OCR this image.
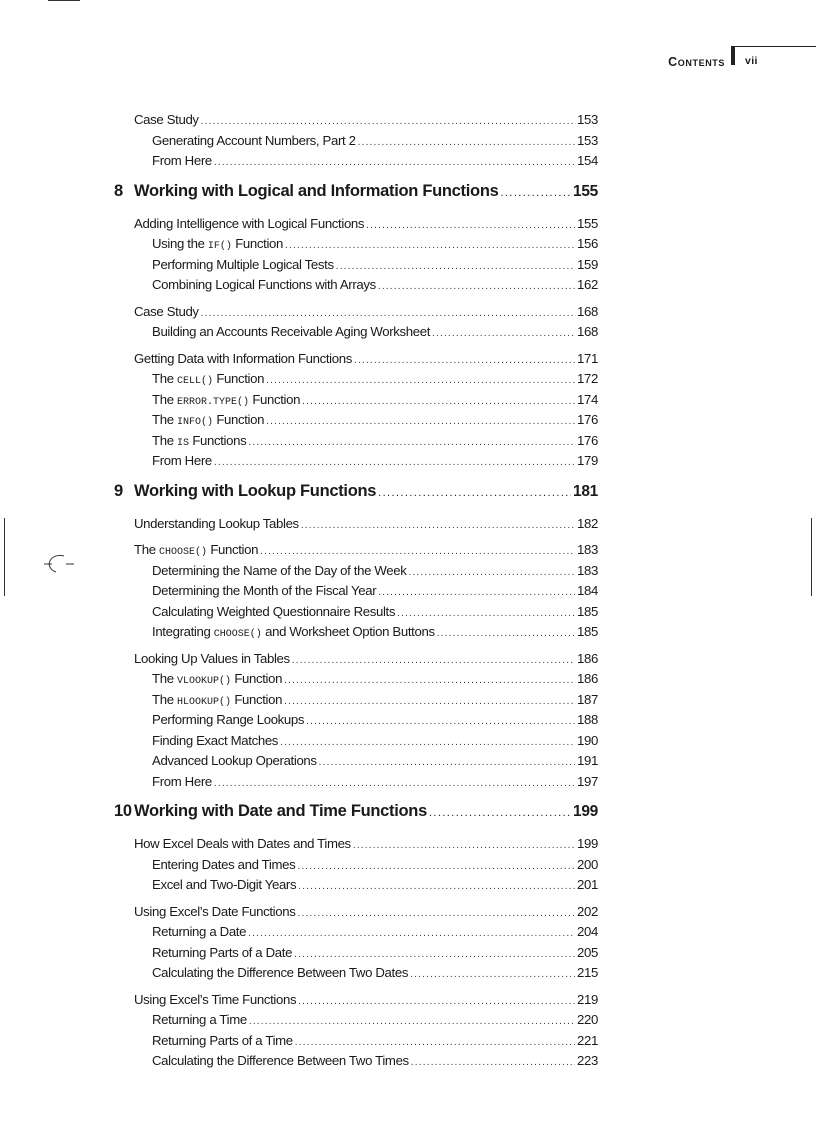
Contents vii
Case Study .....	153
Generating Account Numbers, Part 2 .....	153
From Here .....	154
8 Working with Logical and Information Functions .....	155
Adding Intelligence with Logical Functions .....	155
Using the IF() Function .....	156
Performing Multiple Logical Tests .....	159
Combining Logical Functions with Arrays .....	162
Case Study .....	168
Building an Accounts Receivable Aging Worksheet .....	168
Getting Data with Information Functions .....	171
The CELL() Function .....	172
The ERROR.TYPE() Function .....	174
The INFO() Function .....	176
The IS Functions .....	176
From Here .....	179
9 Working with Lookup Functions .....	181
Understanding Lookup Tables .....	182
The CHOOSE() Function .....	183
Determining the Name of the Day of the Week .....	183
Determining the Month of the Fiscal Year .....	184
Calculating Weighted Questionnaire Results .....	185
Integrating CHOOSE() and Worksheet Option Buttons .....	185
Looking Up Values in Tables .....	186
The VLOOKUP() Function .....	186
The HLOOKUP() Function .....	187
Performing Range Lookups .....	188
Finding Exact Matches .....	190
Advanced Lookup Operations .....	191
From Here .....	197
10 Working with Date and Time Functions .....	199
How Excel Deals with Dates and Times .....	199
Entering Dates and Times .....	200
Excel and Two-Digit Years .....	201
Using Excel’s Date Functions .....	202
Returning a Date .....	204
Returning Parts of a Date .....	205
Calculating the Difference Between Two Dates .....	215
Using Excel’s Time Functions .....	219
Returning a Time .....	220
Returning Parts of a Time .....	221
Calculating the Difference Between Two Times .....	223
